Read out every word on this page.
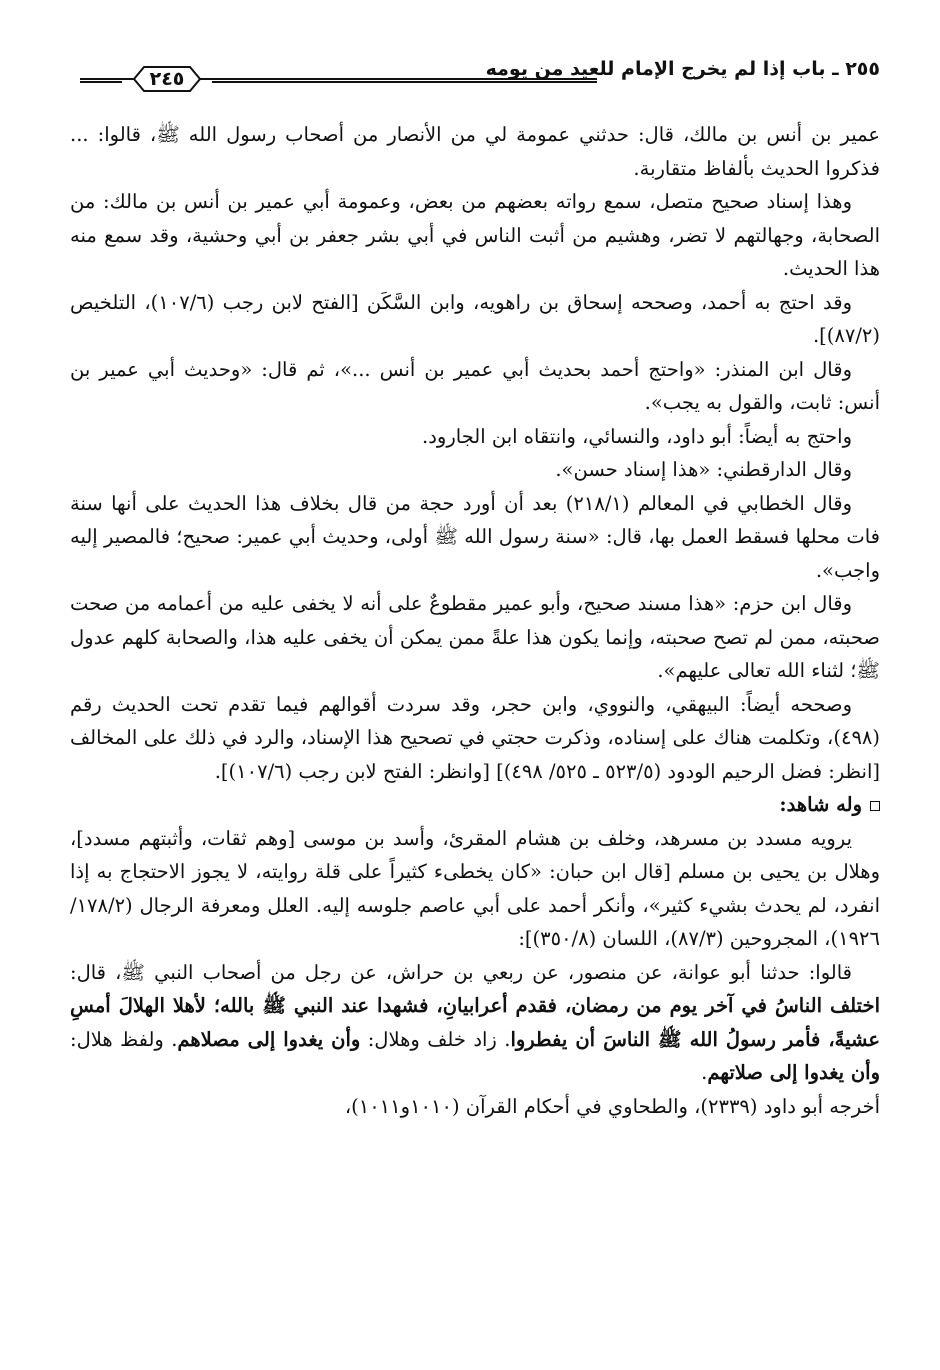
٢٤٥	٢٥٥ ـ باب إذا لم يخرج الإمام للعيد من يومه

عمير بن أنس بن مالك، قال: حدثني عمومة لي من الأنصار من أصحاب رسول الله ﷺ، قالوا: ... فذكروا الحديث بألفاظ متقاربة.

وهذا إسناد صحيح متصل، سمع رواته بعضهم من بعض، وعمومة أبي عمير بن أنس بن مالك: من الصحابة، وجهالتهم لا تضر، وهشيم من أثبت الناس في أبي بشر جعفر بن أبي وحشية، وقد سمع منه هذا الحديث.

وقد احتج به أحمد، وصححه إسحاق بن راهويه، وابن السَّكَن [الفتح لابن رجب (١٠٧/٦)، التلخيص (٨٧/٢)].

وقال ابن المنذر: «واحتج أحمد بحديث أبي عمير بن أنس ...»، ثم قال: «وحديث أبي عمير بن أنس: ثابت، والقول به يجب».

واحتج به أيضاً: أبو داود، والنسائي، وانتقاه ابن الجارود.

وقال الدارقطني: «هذا إسناد حسن».

وقال الخطابي في المعالم (٢١٨/١) بعد أن أورد حجة من قال بخلاف هذا الحديث على أنها سنة فات محلها فسقط العمل بها، قال: «سنة رسول الله ﷺ أولى، وحديث أبي عمير: صحيح؛ فالمصير إليه واجب».

وقال ابن حزم: «هذا مسند صحيح، وأبو عمير مقطوعٌ على أنه لا يخفى عليه من أعمامه من صحت صحبته، ممن لم تصح صحبته، وإنما يكون هذا علةً ممن يمكن أن يخفى عليه هذا، والصحابة كلهم عدول ﷺ؛ لثناء الله تعالى عليهم».

وصححه أيضاً: البيهقي، والنووي، وابن حجر، وقد سردت أقوالهم فيما تقدم تحت الحديث رقم (٤٩٨)، وتكلمت هناك على إسناده، وذكرت حجتي في تصحيح هذا الإسناد، والرد في ذلك على المخالف [انظر: فضل الرحيم الودود (٥٢٣/٥ ـ ٥٢٥/ ٤٩٨)] [وانظر: الفتح لابن رجب (١٠٧/٦)].

وله شاهد:

يرويه مسدد بن مسرهد، وخلف بن هشام المقرئ، وأسد بن موسى [وهم ثقات، وأثبتهم مسدد]، وهلال بن يحيى بن مسلم [قال ابن حبان: «كان يخطىء كثيراً على قلة روايته، لا يجوز الاحتجاج به إذا انفرد، لم يحدث بشيء كثير»، وأنكر أحمد على أبي عاصم جلوسه إليه. العلل ومعرفة الرجال (١٧٨/٢/ ١٩٢٦)، المجروحين (٨٧/٣)، اللسان (٣٥٠/٨)]:

قالوا: حدثنا أبو عوانة، عن منصور، عن ربعي بن حراش، عن رجل من أصحاب النبي ﷺ، قال: اختلف الناسُ في آخر يوم من رمضان، فقدم أعرابيانِ، فشهدا عند النبي ﷺ بالله؛ لأهلا الهلالَ أمسِ عشيةً، فأمر رسولُ الله ﷺ الناسَ أن يفطروا. زاد خلف وهلال: وأن يغدوا إلى مصلاهم. ولفظ هلال: وأن يغدوا إلى صلاتهم.

أخرجه أبو داود (٢٣٣٩)، والطحاوي في أحكام القرآن (١٠١٠و١٠١١)،
